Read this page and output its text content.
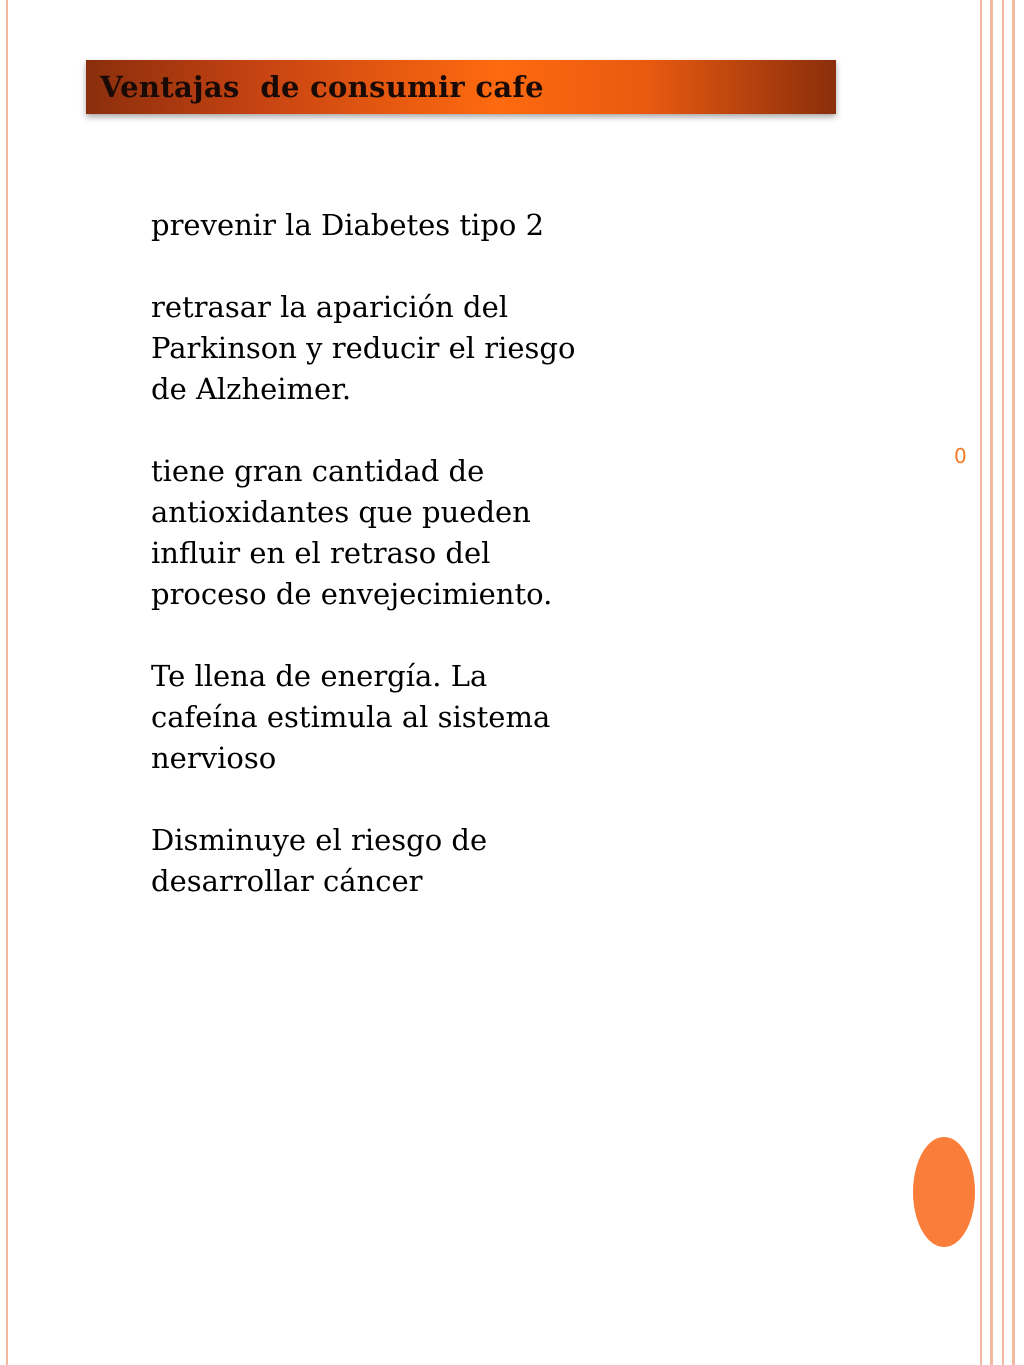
Ventajas  de consumir cafe

prevenir la Diabetes tipo 2

retrasar la aparición del
Parkinson y reducir el riesgo
de Alzheimer.

tiene gran cantidad de
antioxidantes que pueden
influir en el retraso del
proceso de envejecimiento.

Te llena de energía. La
cafeína estimula al sistema
nervioso

Disminuye el riesgo de
desarrollar cáncer

0
